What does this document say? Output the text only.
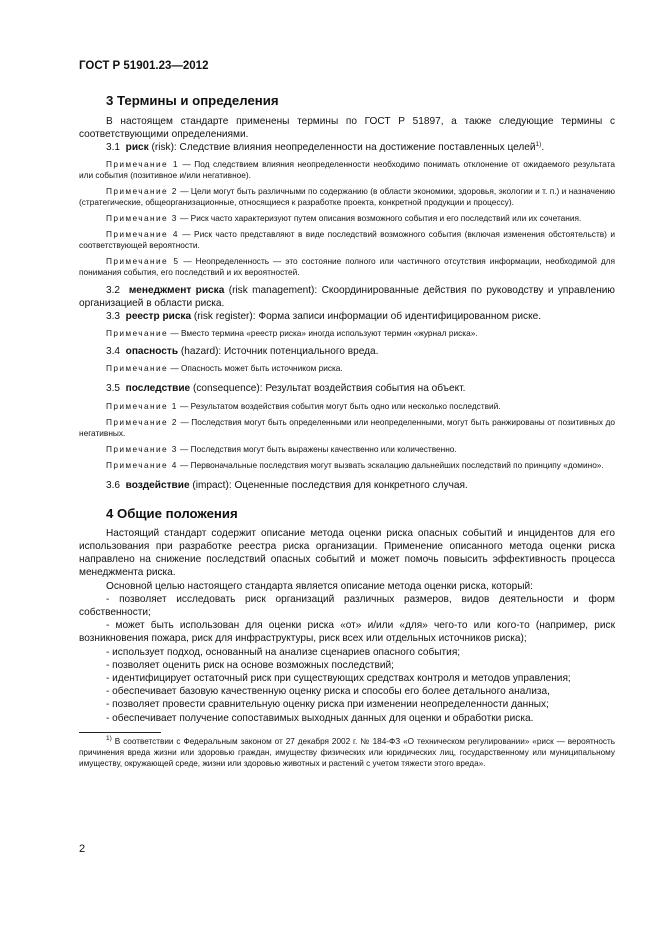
ГОСТ Р 51901.23—2012
3 Термины и определения

В настоящем стандарте применены термины по ГОСТ Р 51897, а также следующие термины с соответствующими определениями.

3.1 риск (risk): Следствие влияния неопределенности на достижение поставленных целей$^{1)}$.

Примечание 1 — Под следствием влияния неопределенности необходимо понимать отклонение от ожидаемого результата или события (позитивное и/или негативное).

Примечание 2 — Цели могут быть различными по содержанию (в области экономики, здоровья, экологии и т. п.) и назначению (стратегические, общеорганизационные, относящиеся к разработке проекта, конкретной продукции и процессу).

Примечание 3 — Риск часто характеризуют путем описания возможного события и его последствий или их сочетания.

Примечание 4 — Риск часто представляют в виде последствий возможного события (включая изменения обстоятельств) и соответствующей вероятности.

Примечание 5 — Неопределенность — это состояние полного или частичного отсутствия информации, необходимой для понимания события, его последствий и их вероятностей.

3.2 менеджмент риска (risk management): Скоординированные действия по руководству и управлению организацией в области риска.

3.3 реестр риска (risk register): Форма записи информации об идентифицированном риске.

Примечание — Вместо термина «реестр риска» иногда используют термин «журнал риска».

3.4 опасность (hazard): Источник потенциального вреда.

Примечание — Опасность может быть источником риска.

3.5 последствие (consequence): Результат воздействия события на объект.

Примечание 1 — Результатом воздействия события могут быть одно или несколько последствий.

Примечание 2 — Последствия могут быть определенными или неопределенными, могут быть ранжированы от позитивных до негативных.

Примечание 3 — Последствия могут быть выражены качественно или количественно.

Примечание 4 — Первоначальные последствия могут вызвать эскалацию дальнейших последствий по принципу «домино».

3.6 воздействие (impact): Оцененные последствия для конкретного случая.

4 Общие положения

Настоящий стандарт содержит описание метода оценки риска опасных событий и инцидентов для его использования при разработке реестра риска организации. Применение описанного метода оценки риска направлено на снижение последствий опасных событий и может помочь повысить эффективность процесса менеджмента риска.

Основной целью настоящего стандарта является описание метода оценки риска, который:

- позволяет исследовать риск организаций различных размеров, видов деятельности и форм собственности;
- может быть использован для оценки риска «от» и/или «для» чего-то или кого-то (например, риск возникновения пожара, риск для инфраструктуры, риск всех или отдельных источников риска);
- использует подход, основанный на анализе сценариев опасного события;
- позволяет оценить риск на основе возможных последствий;
- идентифицирует остаточный риск при существующих средствах контроля и методов управления;
- обеспечивает базовую качественную оценку риска и способы его более детального анализа,
- позволяет провести сравнительную оценку риска при изменении неопределенности данных;
- обеспечивает получение сопоставимых выходных данных для оценки и обработки риска.

$^{1)}$ В соответствии с Федеральным законом от 27 декабря 2002 г. № 184-ФЗ «О техническом регулировании» «риск — вероятность причинения вреда жизни или здоровью граждан, имуществу физических или юридических лиц, государственному или муниципальному имуществу, окружающей среде, жизни или здоровью животных и растений с учетом тяжести этого вреда».

2
